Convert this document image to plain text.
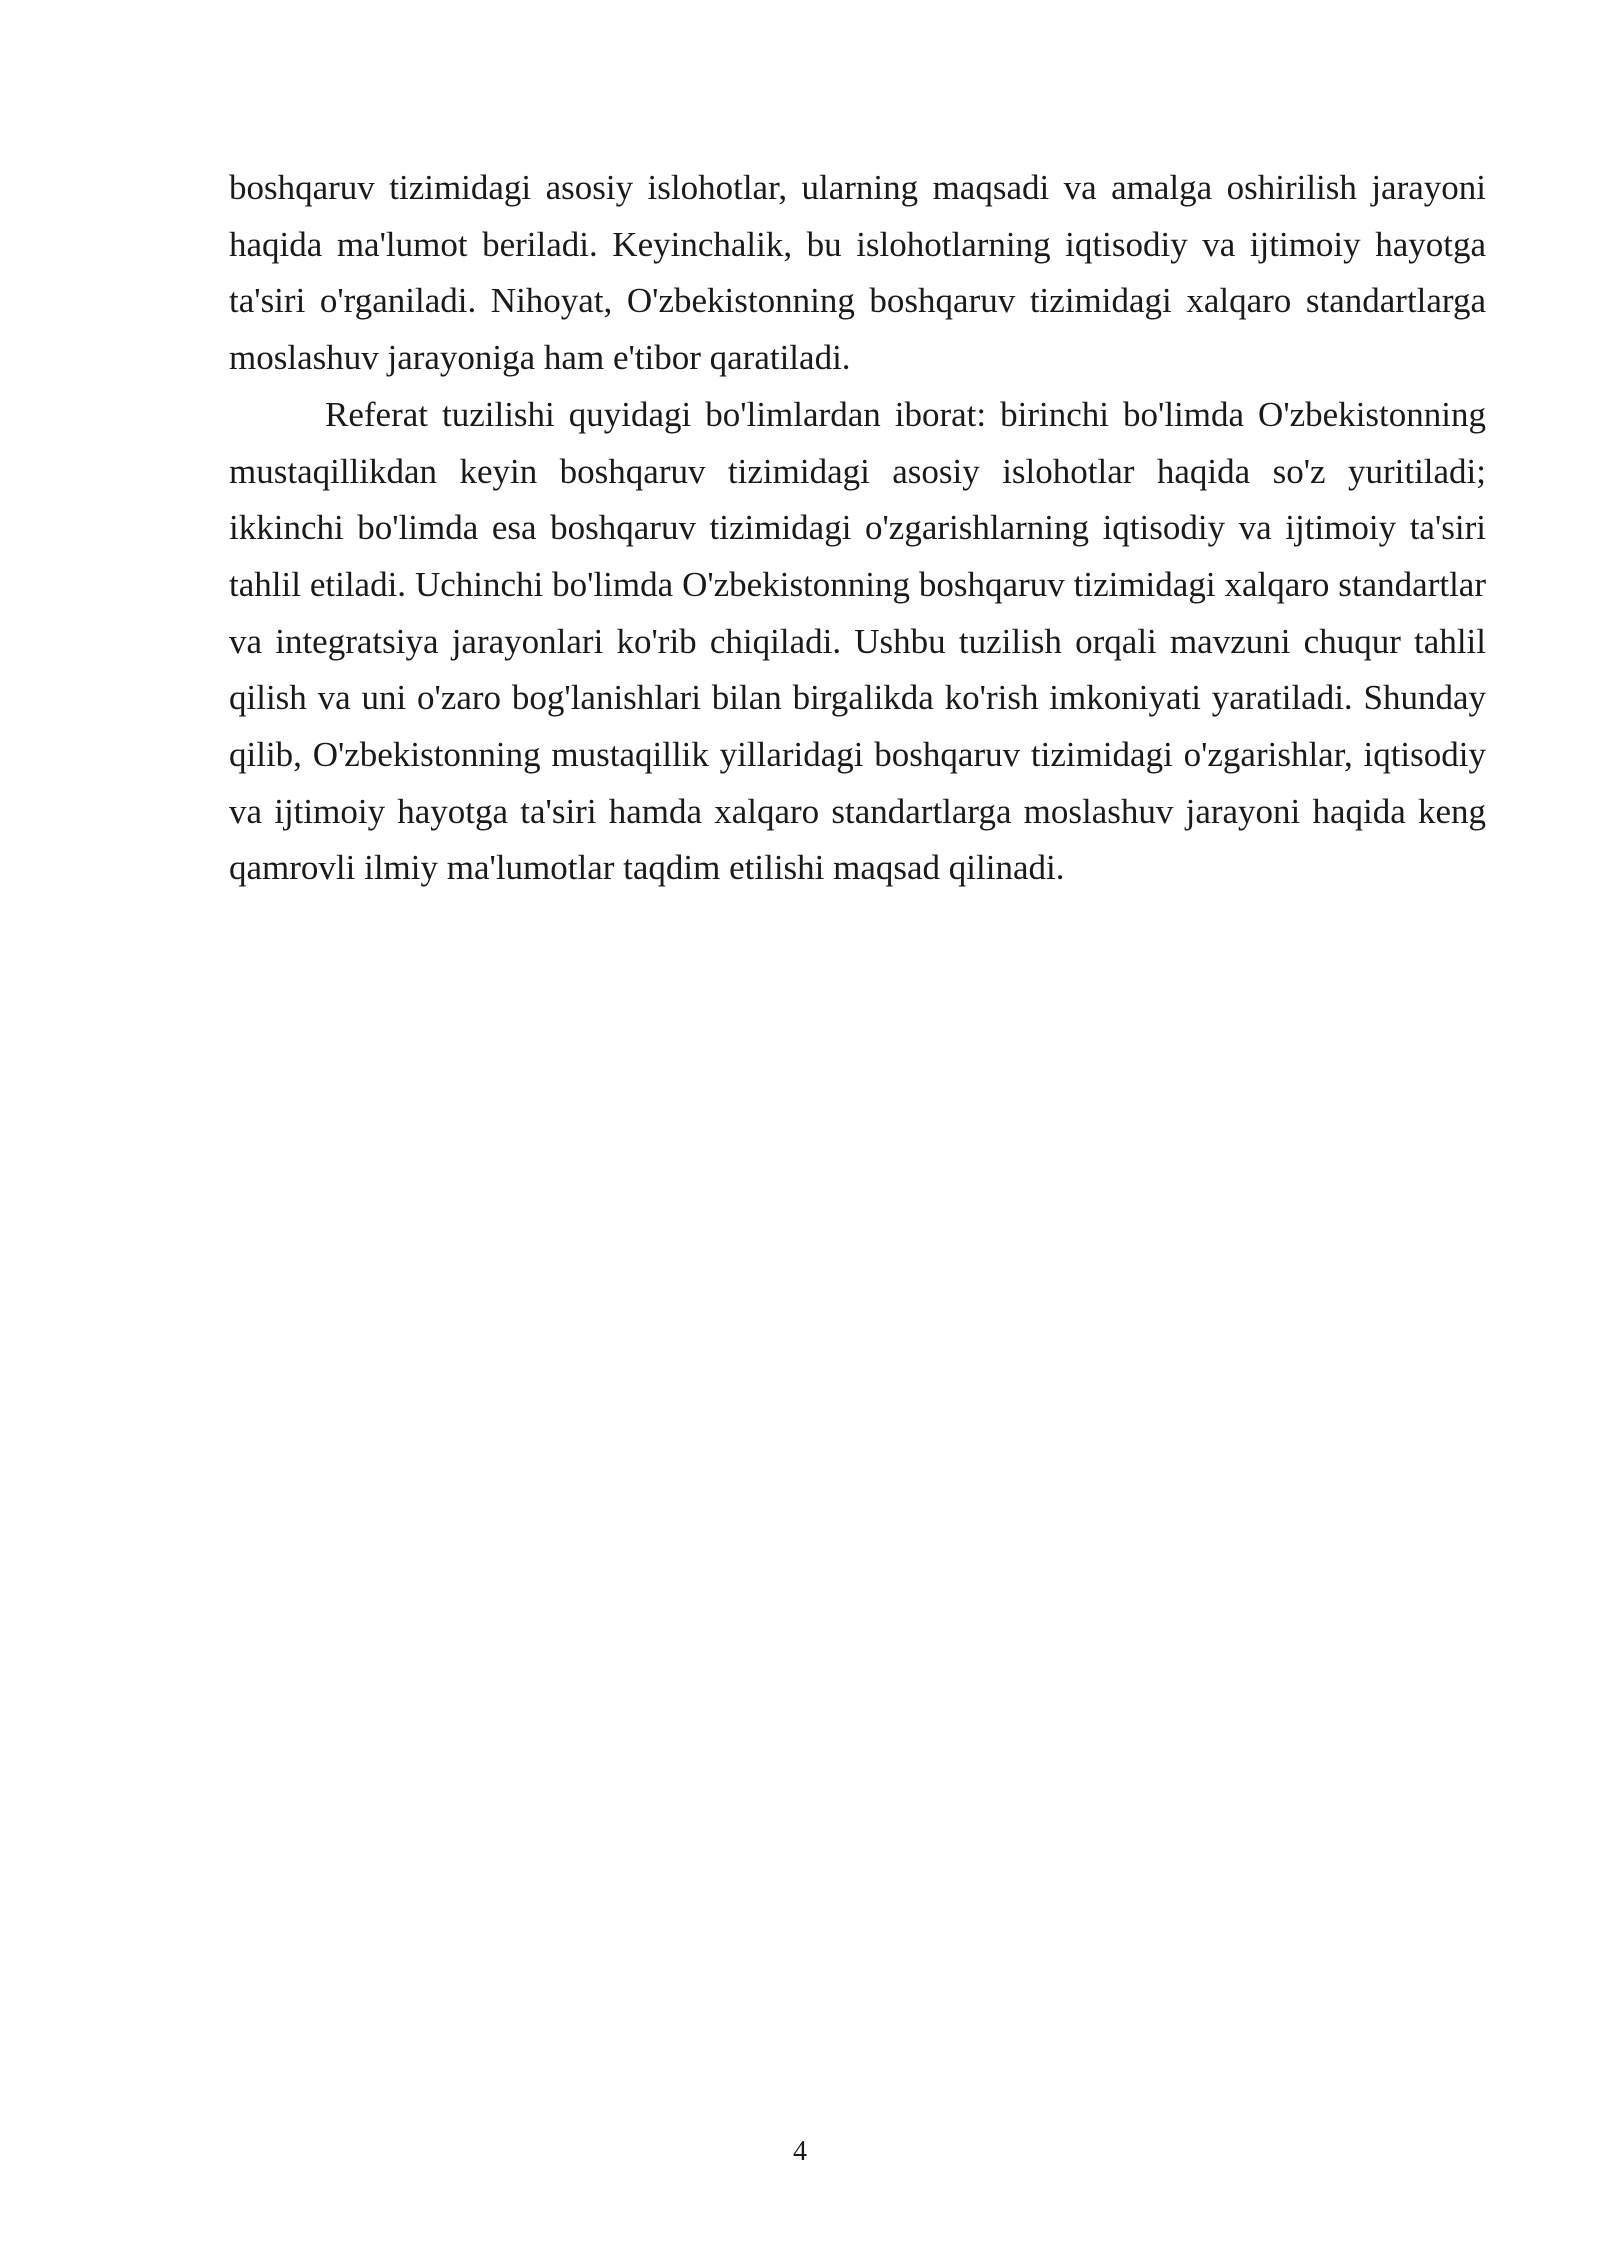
boshqaruv tizimidagi asosiy islohotlar, ularning maqsadi va amalga oshirilish jarayoni haqida ma'lumot beriladi. Keyinchalik, bu islohotlarning iqtisodiy va ijtimoiy hayotga ta'siri o'rganiladi. Nihoyat, O'zbekistonning boshqaruv tizimidagi xalqaro standartlarga moslashuv jarayoniga ham e'tibor qaratiladi.

Referat tuzilishi quyidagi bo'limlardan iborat: birinchi bo'limda O'zbekistonning mustaqillikdan keyin boshqaruv tizimidagi asosiy islohotlar haqida so'z yuritiladi; ikkinchi bo'limda esa boshqaruv tizimidagi o'zgarishlarning iqtisodiy va ijtimoiy ta'siri tahlil etiladi. Uchinchi bo'limda O'zbekistonning boshqaruv tizimidagi xalqaro standartlar va integratsiya jarayonlari ko'rib chiqiladi. Ushbu tuzilish orqali mavzuni chuqur tahlil qilish va uni o'zaro bog'lanishlari bilan birgalikda ko'rish imkoniyati yaratiladi. Shunday qilib, O'zbekistonning mustaqillik yillaridagi boshqaruv tizimidagi o'zgarishlar, iqtisodiy va ijtimoiy hayotga ta'siri hamda xalqaro standartlarga moslashuv jarayoni haqida keng qamrovli ilmiy ma'lumotlar taqdim etilishi maqsad qilinadi.

4
